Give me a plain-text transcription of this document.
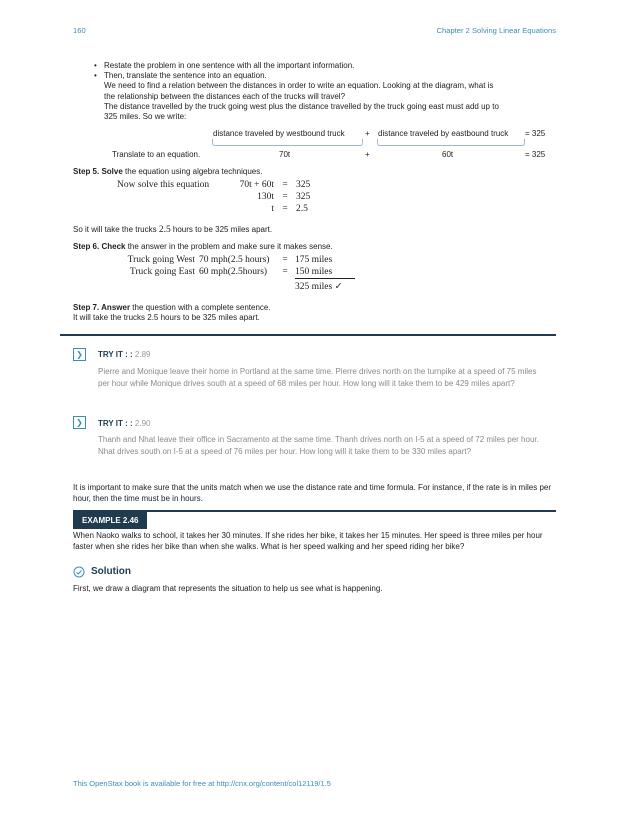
160	Chapter 2 Solving Linear Equations
• Restate the problem in one sentence with all the important information.
• Then, translate the sentence into an equation.
We need to find a relation between the distances in order to write an equation. Looking at the diagram, what is
the relationship between the distances each of the trucks will travel?
The distance travelled by the truck going west plus the distance travelled by the truck going east must add up to
325 miles. So we write:
distance traveled by westbound truck	+ distance traveled by eastbound truck = 325
Translate to an equation.	70t	+	60t	= 325
Step 5. Solve the equation using algebra techniques.
Now solve this equation	70t + 60t = 325
130t = 325
t = 2.5
So it will take the trucks 2.5 hours to be 325 miles apart.
Step 6. Check the answer in the problem and make sure it makes sense.
Truck going West 70 mph(2.5 hours)	= 175 miles
Truck going East 60 mph(2.5hours)	= 150 miles
325 miles ✓
Step 7. Answer the question with a complete sentence.
It will take the trucks 2.5 hours to be 325 miles apart.
❯	TRY IT : : 2.89
Pierre and Monique leave their home in Portland at the same time. Pierre drives north on the turnpike at a speed of 75 miles per hour while Monique drives south at a speed of 68 miles per hour. How long will it take them to be 429 miles apart?
❯	TRY IT : : 2.90
Thanh and Nhat leave their office in Sacramento at the same time. Thanh drives north on I-5 at a speed of 72 miles per hour. Nhat drives south on I-5 at a speed of 76 miles per hour. How long will it take them to be 330 miles apart?
It is important to make sure that the units match when we use the distance rate and time formula. For instance, if the rate is in miles per hour, then the time must be in hours.
EXAMPLE 2.46
When Naoko walks to school, it takes her 30 minutes. If she rides her bike, it takes her 15 minutes. Her speed is three miles per hour faster when she rides her bike than when she walks. What is her speed walking and her speed riding her bike?
Solution
First, we draw a diagram that represents the situation to help us see what is happening.
This OpenStax book is available for free at http://cnx.org/content/col12119/1.5
